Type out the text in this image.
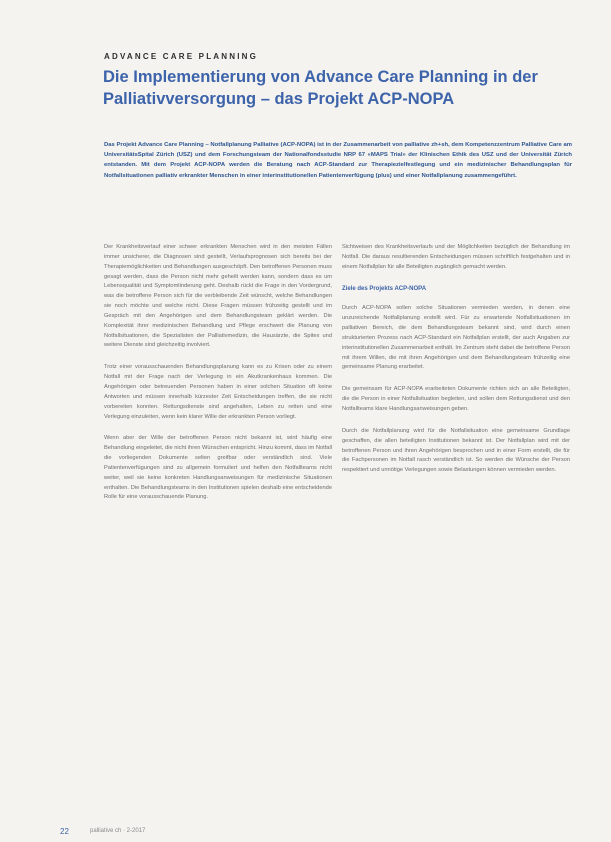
ADVANCE CARE PLANNING
Die Implementierung von Advance Care Planning in der Palliativversorgung – das Projekt ACP-NOPA

Das Projekt Advance Care Planning – Notfallplanung Palliative (ACP-NOPA) ist in der Zusammenarbeit von palliative zh+sh, dem Kompetenzzentrum Palliative Care am UniversitätsSpital Zürich (USZ) und dem Forschungsteam der Nationalfondsstudie NRP 67 «MAPS Trial» der Klinischen Ethik des USZ und der Universität Zürich entstanden. Mit dem Projekt ACP-NOPA werden die Beratung nach ACP-Standard zur Therapiezielfestlegung und ein medizinischer Behandlungsplan für Notfallsituationen palliativ erkrankter Menschen in einer interinstitutionellen Patientenverfügung (plus) und einer Notfallplanung zusammengeführt.

Der Krankheitsverlauf einer schwer erkrankten Menschen wird in den meisten Fällen immer unsicherer, die Diagnosen sind gestellt, Verlaufsprognosen sich bereits bei der Therapiemöglichkeiten und Behandlungen ausgeschöpft. Den betroffenen Personen muss gesagt werden, dass die Person nicht mehr geheilt werden kann, sondern dass es um Lebensqualität und Symptomlinderung geht. Deshalb rückt die Frage in den Vordergrund, was die betroffene Person sich für die verbleibende Zeit wünscht, welche Behandlungen sie noch möchte und welche nicht. Diese Fragen müssen frühzeitig gestellt und im Gespräch mit den Angehörigen und dem Behandlungsteam geklärt werden. Die Komplexität ihrer medizinischen Behandlung und Pflege erschwert die Planung von Notfallsituationen, die Spezialisten der Palliativmedizin, die Hausärzte, die Spitex und weitere Dienste sind gleichzeitig involviert.

Trotz einer vorausschauenden Behandlungsplanung kann es zu Krisen oder zu einem Notfall mit der Frage nach der Verlegung in ein Akutkrankenhaus kommen. Die Angehörigen oder betreuenden Personen haben in einer solchen Situation oft keine Antworten und müssen innerhalb kürzester Zeit Entscheidungen treffen, die sie nicht vorbereiten konnten. Rettungsdienste sind angehalten, Leben zu retten und eine Verlegung einzuleiten, wenn kein klarer Wille der erkrankten Person vorliegt.

Wenn aber der Wille der betroffenen Person nicht bekannt ist, wird häufig eine Behandlung eingeleitet, die nicht ihren Wünschen entspricht. Hinzu kommt, dass im Notfall die vorliegenden Dokumente selten greifbar oder verständlich sind. Viele Patientenverfügungen sind zu allgemein formuliert und helfen den Notfallteams nicht weiter, weil sie keine konkreten Handlungsanweisungen für medizinische Situationen enthalten. Die Behandlungsteams in den Institutionen spielen deshalb eine entscheidende Rolle für eine vorausschauende Planung.

Sichtweisen des Krankheitsverlaufs und der Möglichkeiten bezüglich der Behandlung im Notfall. Die daraus resultierenden Entscheidungen müssen schriftlich festgehalten und in einem Notfallplan für alle Beteiligten zugänglich gemacht werden.

Ziele des Projekts ACP-NOPA

Durch ACP-NOPA sollen solche Situationen vermieden werden, in denen eine unzureichende Notfallplanung erstellt wird. Für zu erwartende Notfallsituationen im palliativen Bereich, die dem Behandlungsteam bekannt sind, wird durch einen strukturierten Prozess nach ACP-Standard ein Notfallplan erstellt, der auch Angaben zur interinstitutionellen Zusammenarbeit enthält. Im Zentrum steht dabei die betroffene Person mit ihrem Willen, die mit ihren Angehörigen und dem Behandlungsteam frühzeitig eine gemeinsame Planung erarbeitet.

Die gemeinsam für ACP-NOPA erarbeiteten Dokumente richten sich an alle Beteiligten, die die Person in einer Notfallsituation begleiten, und sollen dem Rettungsdienst und den Notfallteams klare Handlungsanweisungen geben.

Durch die Notfallplanung wird für die Notfallsituation eine gemeinsame Grundlage geschaffen, die allen beteiligten Institutionen bekannt ist. Der Notfallplan wird mit der betroffenen Person und ihren Angehörigen besprochen und in einer Form erstellt, die für die Fachpersonen im Notfall rasch verständlich ist. So werden die Wünsche der Person respektiert und unnötige Verlegungen sowie Belastungen können vermieden werden.

22	palliative ch · 2-2017
